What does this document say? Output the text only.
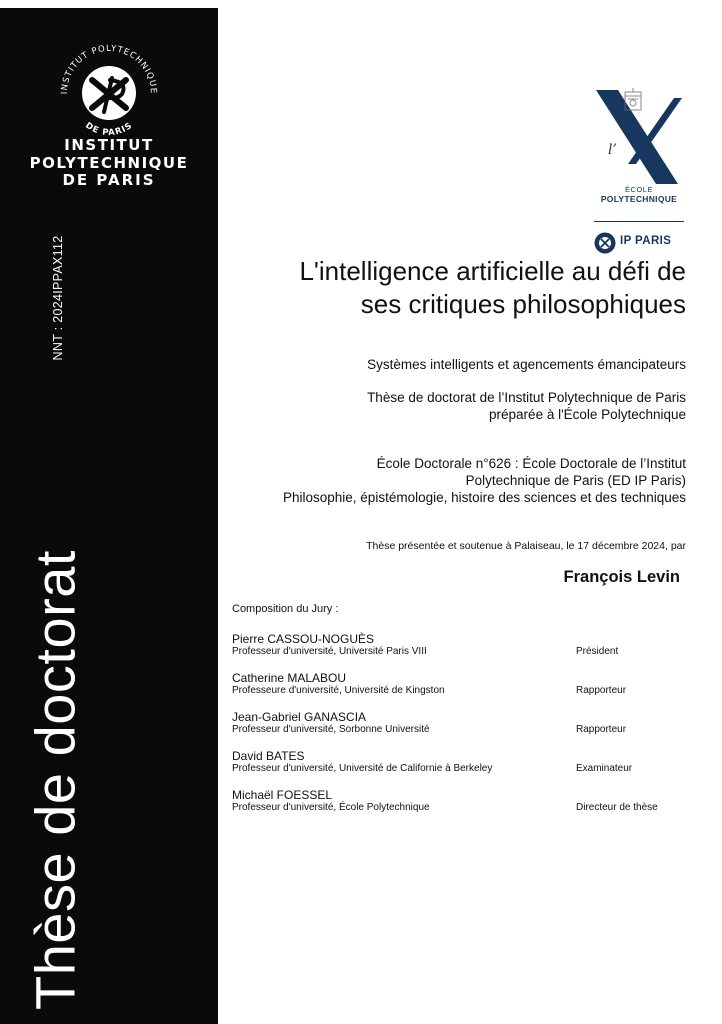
INSTITUT POLYTECHNIQUE
DE PARIS
INSTITUT
POLYTECHNIQUE
DE PARIS
NNT : 2024IPPAX112
Thèse de doctorat
l’
ÉCOLE
POLYTECHNIQUE
IP PARIS
L'intelligence artificielle au défi de
ses critiques philosophiques
Systèmes intelligents et agencements émancipateurs
Thèse de doctorat de l’Institut Polytechnique de Paris
préparée à l'École Polytechnique
École Doctorale n°626 : École Doctorale de l’Institut
Polytechnique de Paris (ED IP Paris)
Philosophie, épistémologie, histoire des sciences et des techniques
Thèse présentée et soutenue à Palaiseau, le 17 décembre 2024, par
François Levin
Composition du Jury :
Pierre CASSOU-NOGUÈS
Professeur d'université, Université Paris VIII	Président
Catherine MALABOU
Professeure d'université, Université de Kingston	Rapporteur
Jean-Gabriel GANASCIA
Professeur d'université, Sorbonne Université	Rapporteur
David BATES
Professeur d'université, Université de Californie à Berkeley	Examinateur
Michaël FOESSEL
Professeur d'université, École Polytechnique	Directeur de thèse
